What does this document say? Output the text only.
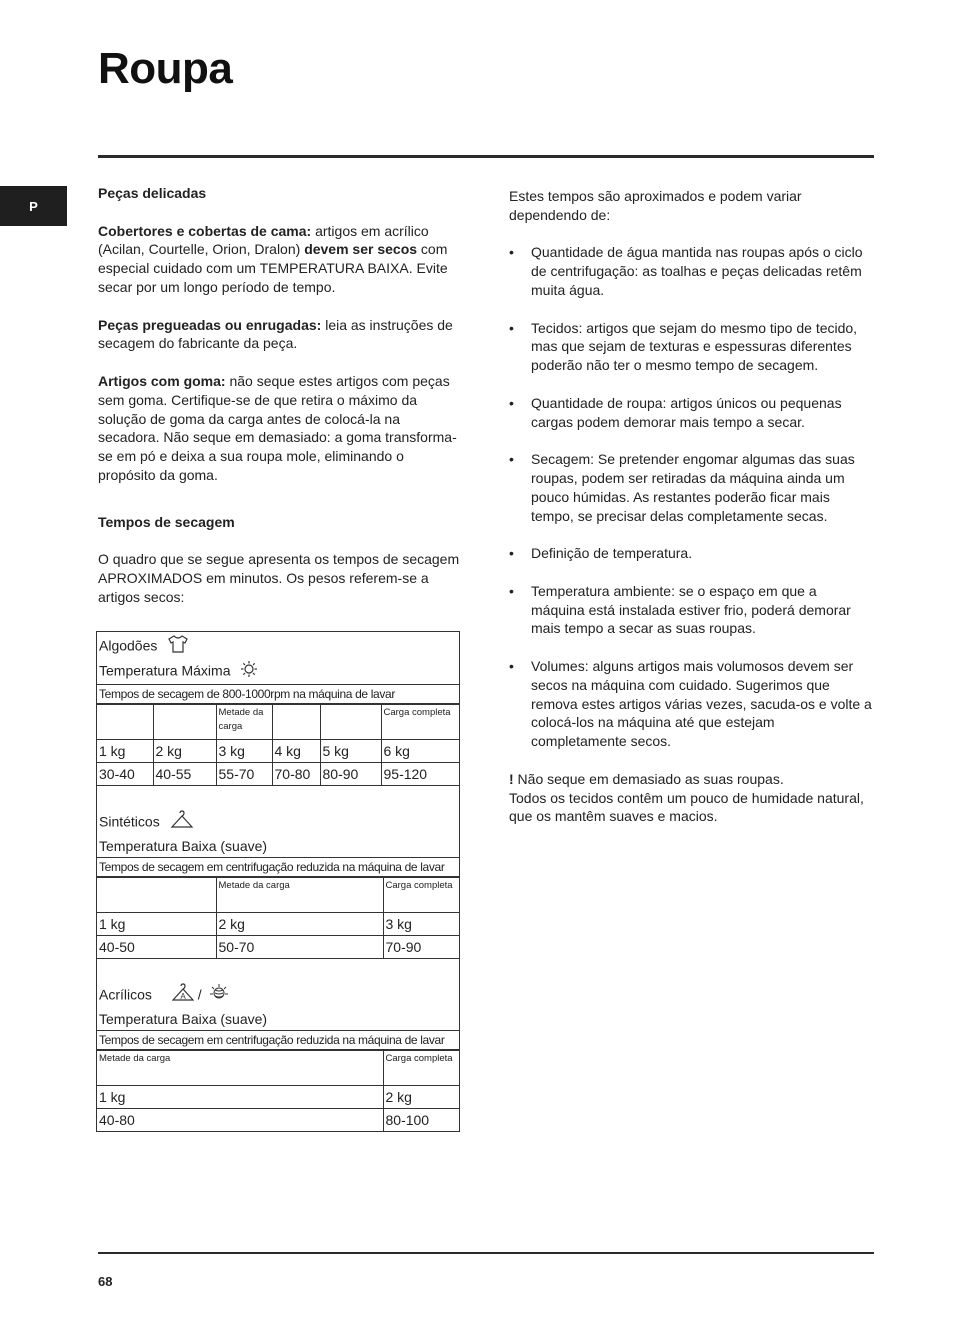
Roupa
P

Peças delicadas

Cobertores e cobertas de cama: artigos em acrílico (Acilan, Courtelle, Orion, Dralon) devem ser secos com especial cuidado com um TEMPERATURA BAIXA. Evite secar por um longo período de tempo.

Peças pregueadas ou enrugadas: leia as instruções de secagem do fabricante da peça.

Artigos com goma: não seque estes artigos com peças sem goma. Certifique-se de que retira o máximo da solução de goma da carga antes de colocá-la na secadora. Não seque em demasiado: a goma transforma-se em pó e deixa a sua roupa mole, eliminando o propósito da goma.

Tempos de secagem

O quadro que se segue apresenta os tempos de secagem APROXIMADOS em minutos. Os pesos referem-se a artigos secos:

Algodões
Temperatura Máxima
Tempos de secagem de 800-1000rpm na máquina de lavar
		Metade da carga			Carga completa
1 kg	2 kg	3 kg	4 kg	5 kg	6 kg
30-40	40-55	55-70	70-80	80-90	95-120
Sintéticos
Temperatura Baixa (suave)
Tempos de secagem em centrifugação reduzida na máquina de lavar
	Metade da carga	Carga completa
1 kg	2 kg	3 kg
40-50	50-70	70-90
Acrílicos	A /
Temperatura Baixa (suave)
Tempos de secagem em centrifugação reduzida na máquina de lavar
Metade da carga	Carga completa
1 kg	2 kg
40-80	80-100

Estes tempos são aproximados e podem variar dependendo de:

• Quantidade de água mantida nas roupas após o ciclo de centrifugação: as toalhas e peças delicadas retêm muita água.
• Tecidos: artigos que sejam do mesmo tipo de tecido, mas que sejam de texturas e espessuras diferentes poderão não ter o mesmo tempo de secagem.
• Quantidade de roupa: artigos únicos ou pequenas cargas podem demorar mais tempo a secar.
• Secagem: Se pretender engomar algumas das suas roupas, podem ser retiradas da máquina ainda um pouco húmidas. As restantes poderão ficar mais tempo, se precisar delas completamente secas.
• Definição de temperatura.
• Temperatura ambiente: se o espaço em que a máquina está instalada estiver frio, poderá demorar mais tempo a secar as suas roupas.
• Volumes: alguns artigos mais volumosos devem ser secos na máquina com cuidado. Sugerimos que remova estes artigos várias vezes, sacuda-os e volte a colocá-los na máquina até que estejam completamente secos.

! Não seque em demasiado as suas roupas.
Todos os tecidos contêm um pouco de humidade natural, que os mantêm suaves e macios.

68
